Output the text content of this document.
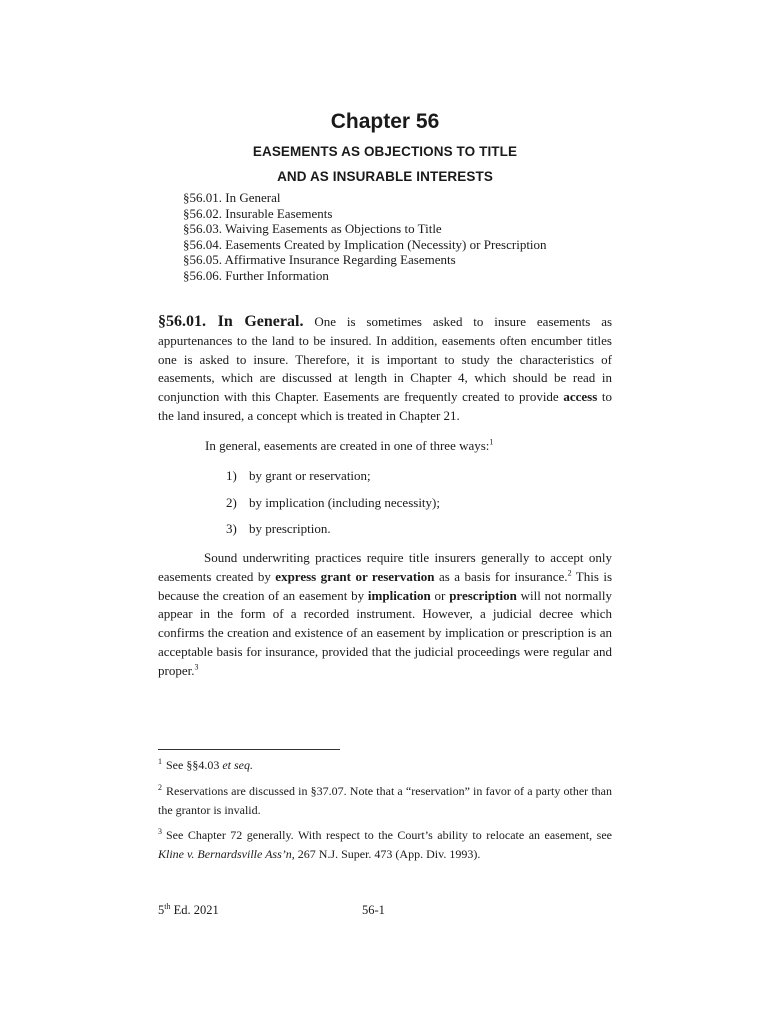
Chapter 56
EASEMENTS AS OBJECTIONS TO TITLE
AND AS INSURABLE INTERESTS
§56.01. In General
§56.02. Insurable Easements
§56.03. Waiving Easements as Objections to Title
§56.04. Easements Created by Implication (Necessity) or Prescription
§56.05. Affirmative Insurance Regarding Easements
§56.06. Further Information

§56.01. In General. One is sometimes asked to insure easements as appurtenances to the land to be insured. In addition, easements often encumber titles one is asked to insure. Therefore, it is important to study the characteristics of easements, which are discussed at length in Chapter 4, which should be read in conjunction with this Chapter. Easements are frequently created to provide access to the land insured, a concept which is treated in Chapter 21.

In general, easements are created in one of three ways:$^1$

1) by grant or reservation;
2) by implication (including necessity);
3) by prescription.

Sound underwriting practices require title insurers generally to accept only easements created by express grant or reservation as a basis for insurance.$^2$ This is because the creation of an easement by implication or prescription will not normally appear in the form of a recorded instrument. However, a judicial decree which confirms the creation and existence of an easement by implication or prescription is an acceptable basis for insurance, provided that the judicial proceedings were regular and proper.$^3$

$^1$ See §§4.03 et seq.

$^2$ Reservations are discussed in §37.07. Note that a “reservation” in favor of a party other than the grantor is invalid.

$^3$ See Chapter 72 generally. With respect to the Court’s ability to relocate an easement, see Kline v. Bernardsville Ass’n, 267 N.J. Super. 473 (App. Div. 1993).

5th Ed. 2021	56-1
